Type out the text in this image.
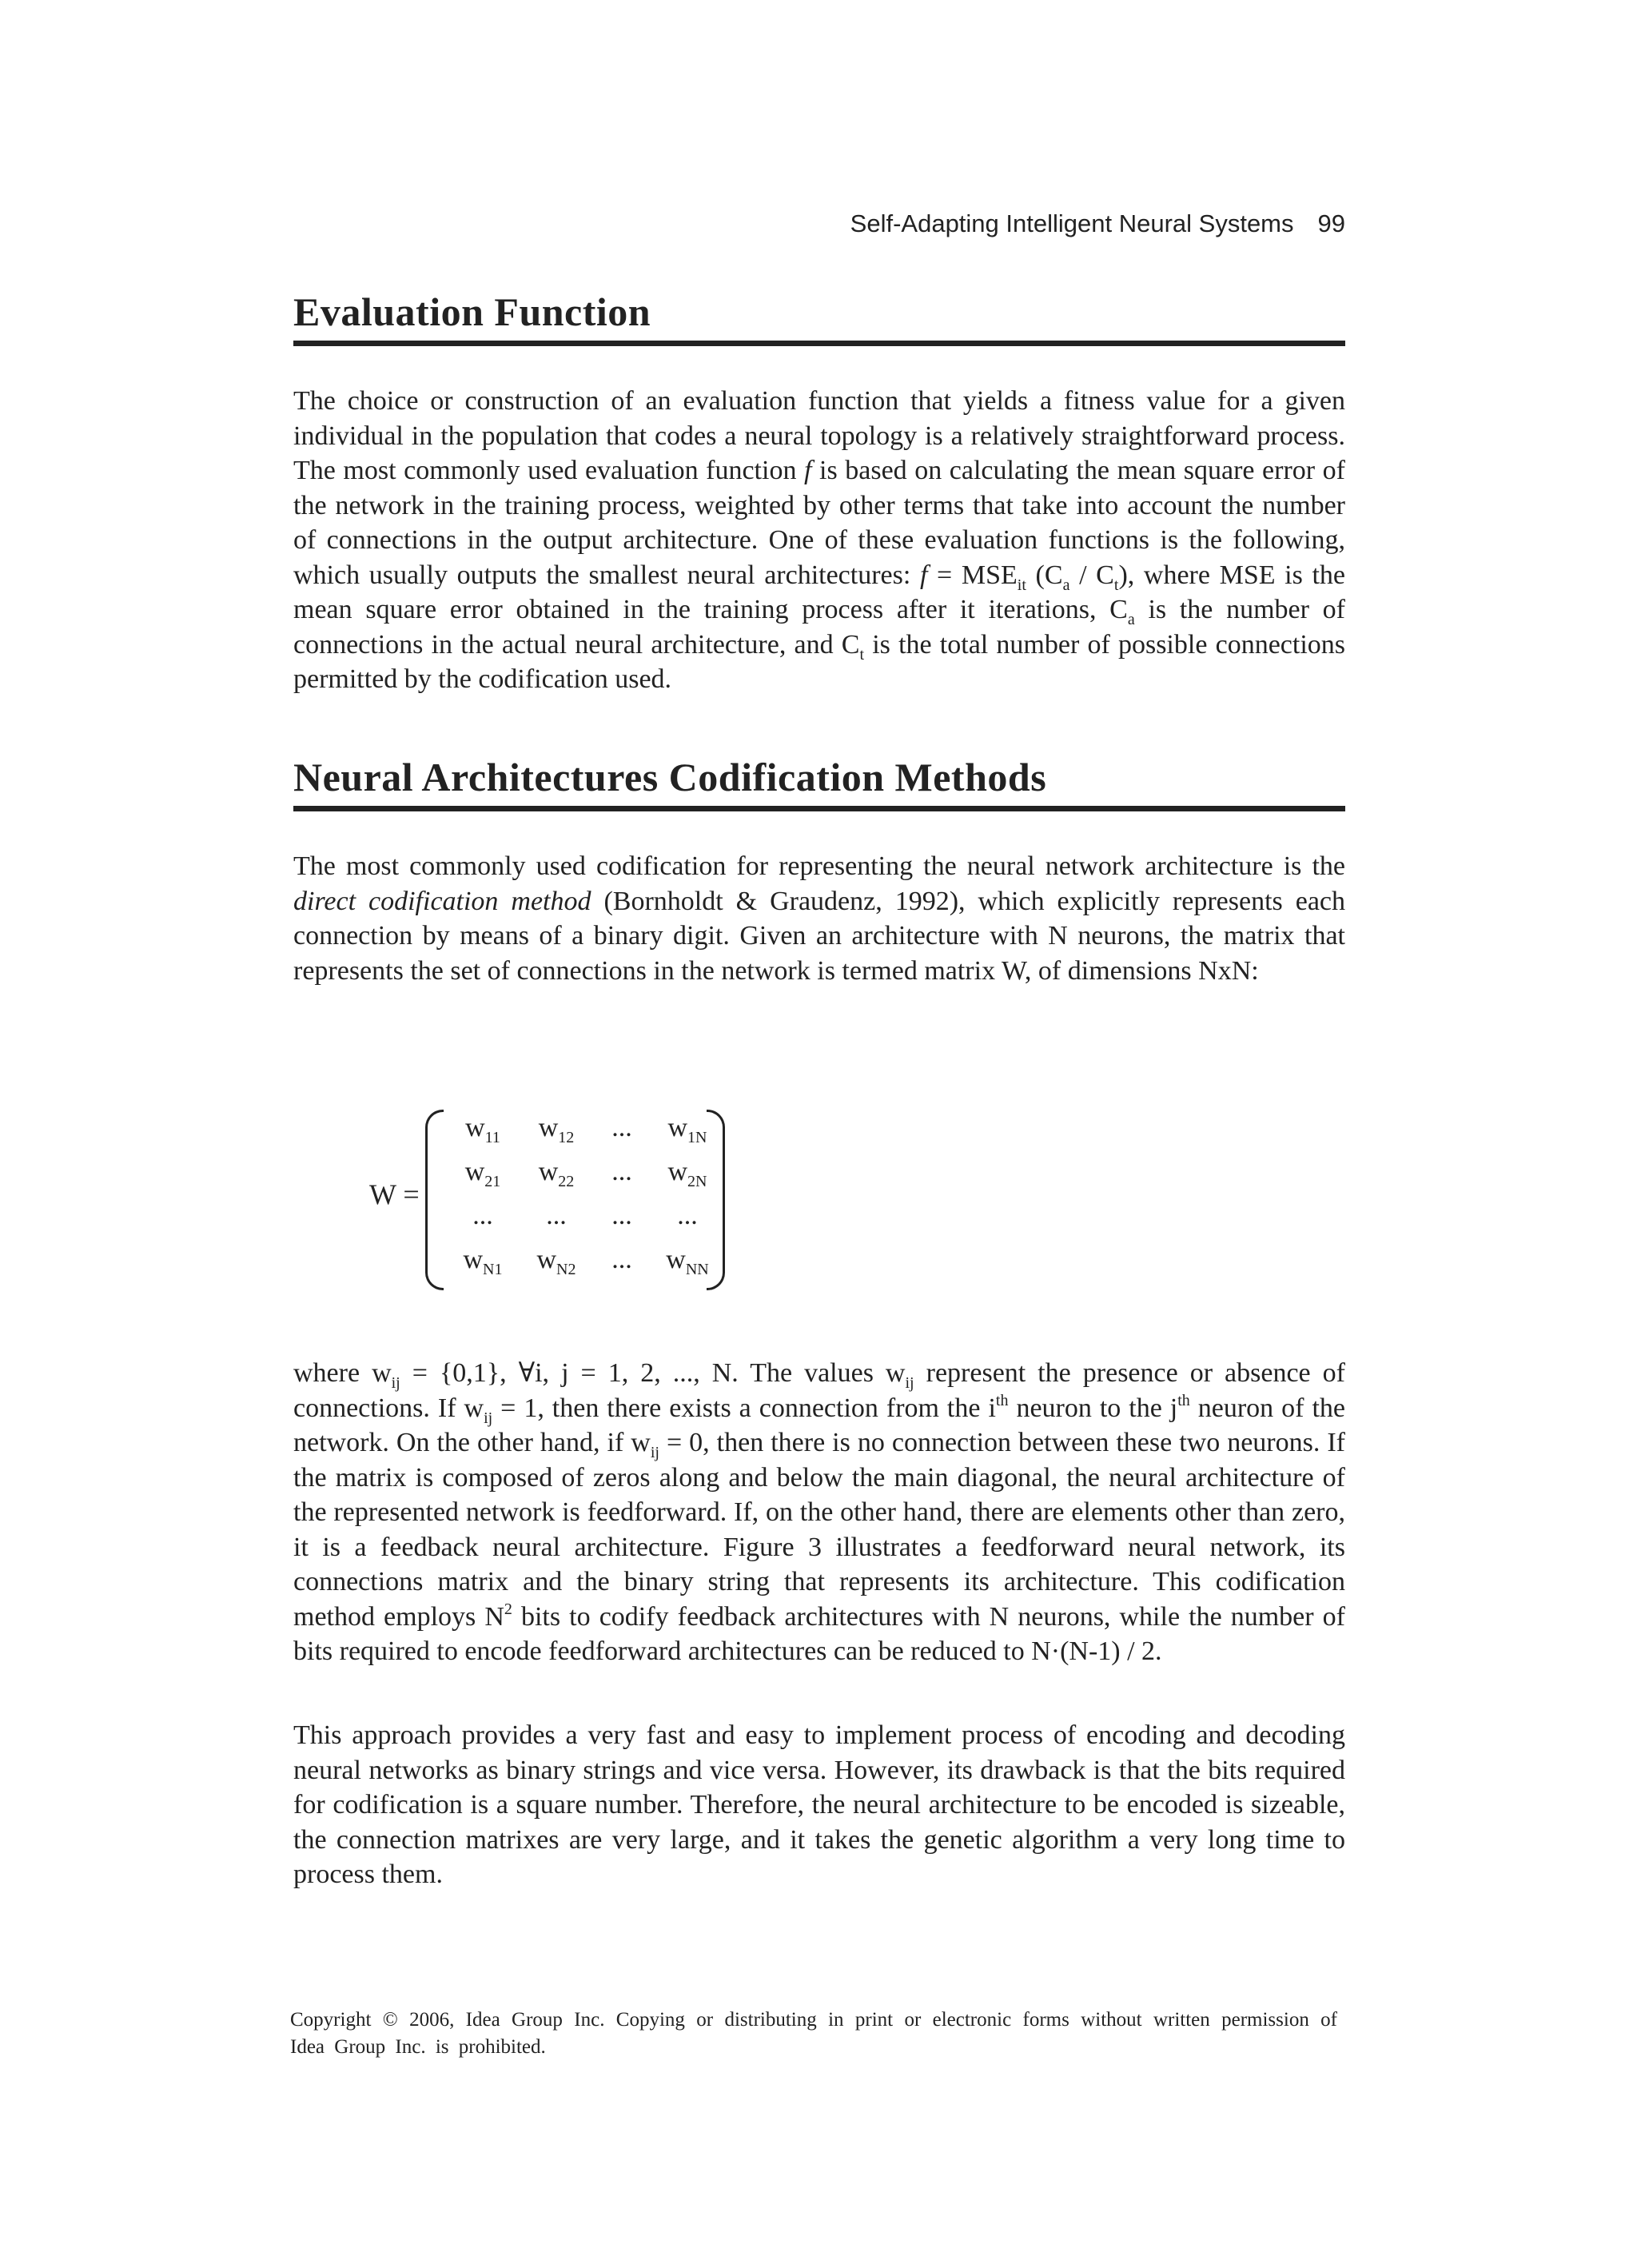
Self-Adapting Intelligent Neural Systems 99
Evaluation Function

The choice or construction of an evaluation function that yields a fitness value for a given individual in the population that codes a neural topology is a relatively straightforward process. The most commonly used evaluation function f is based on calculating the mean square error of the network in the training process, weighted by other terms that take into account the number of connections in the output architecture. One of these evaluation functions is the following, which usually outputs the smallest neural architectures: $f = MSE_{it}$ $(C_a / C_t)$, where MSE is the mean square error obtained in the training process after it iterations, $C_a$ is the number of connections in the actual neural architecture, and $C_t$ is the total number of possible connections permitted by the codification used.

Neural Architectures Codification Methods

The most commonly used codification for representing the neural network architecture is the direct codification method (Bornholdt & Graudenz, 1992), which explicitly represents each connection by means of a binary digit. Given an architecture with N neurons, the matrix that represents the set of connections in the network is termed matrix W, of dimensions NxN:

W =
$w_{11}$	$w_{12}$	...	$w_{1N}$
$w_{21}$	$w_{22}$	...	$w_{2N}$
...	...	...	...
$w_{N1}$	$w_{N2}$	...	$w_{NN}$

where $w_{ij} = \{0,1\}$, ∀i, j = 1, 2, ..., N. The values $w_{ij}$ represent the presence or absence of connections. If $w_{ij} = 1$, then there exists a connection from the $i^{th}$ neuron to the $j^{th}$ neuron of the network. On the other hand, if $w_{ij} = 0$, then there is no connection between these two neurons. If the matrix is composed of zeros along and below the main diagonal, the neural architecture of the represented network is feedforward. If, on the other hand, there are elements other than zero, it is a feedback neural architecture. Figure 3 illustrates a feedforward neural network, its connections matrix and the binary string that represents its architecture. This codification method employs $N^2$ bits to codify feedback architectures with N neurons, while the number of bits required to encode feedforward architectures can be reduced to N·(N-1) / 2.

This approach provides a very fast and easy to implement process of encoding and decoding neural networks as binary strings and vice versa. However, its drawback is that the bits required for codification is a square number. Therefore, the neural architecture to be encoded is sizeable, the connection matrixes are very large, and it takes the genetic algorithm a very long time to process them.

Copyright © 2006, Idea Group Inc. Copying or distributing in print or electronic forms without written permission of Idea Group Inc. is prohibited.
